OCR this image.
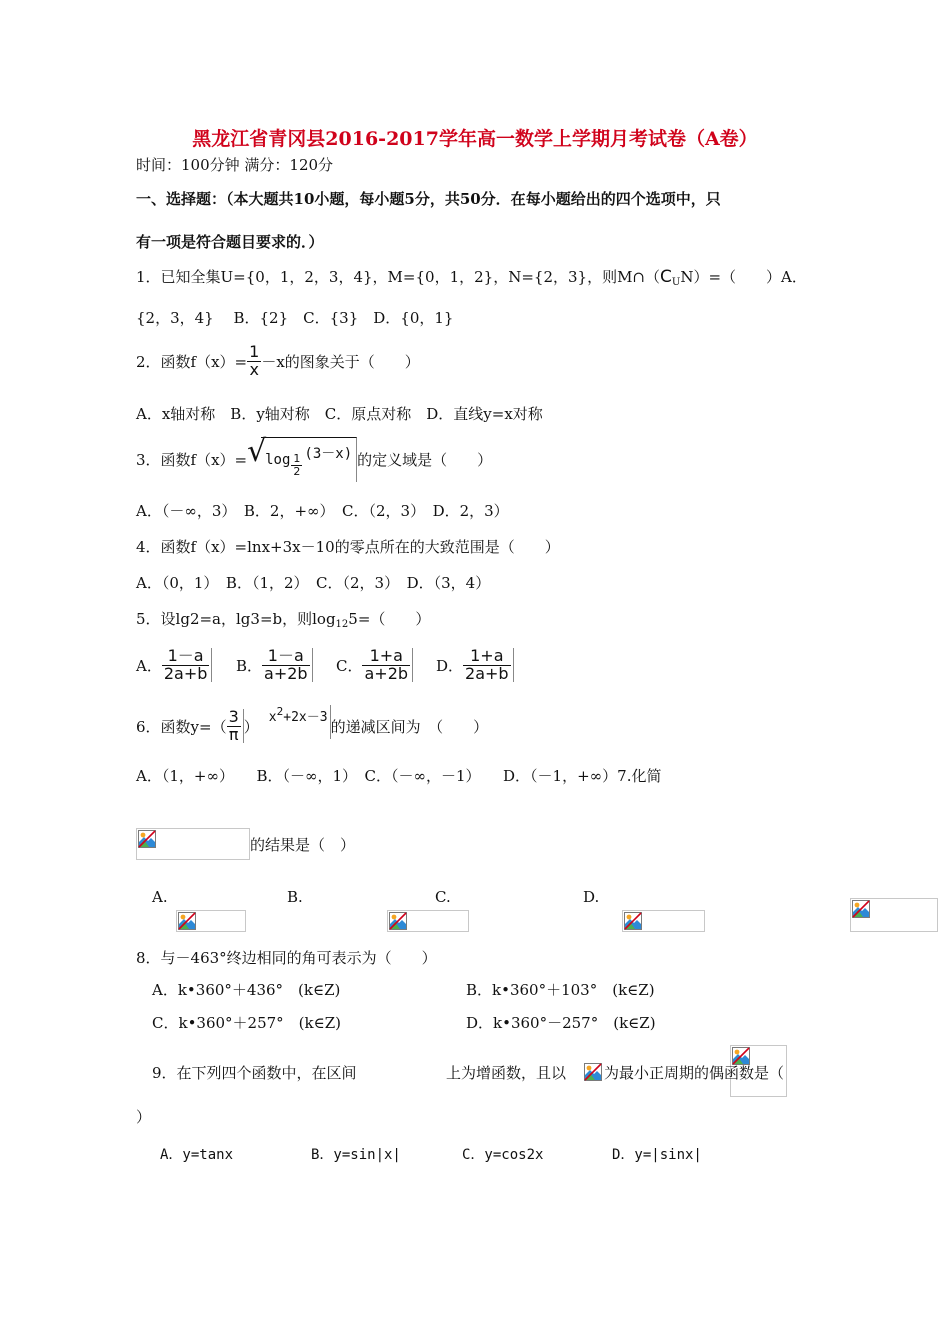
黑龙江省青冈县2016-2017学年高一数学上学期月考试卷（A卷）
时间：100分钟 满分：120分
一、选择题：（本大题共10小题，每小题5分，共50分．在每小题给出的四个选项中，只
有一项是符合题目要求的．）
1．已知全集U={0，1，2，3，4}，M={0，1，2}，N={2，3}，则$M\cap(C_UN)=$（　　）A．
{2，3，4}　 B．{2}　C．{3}　D．{0，1}
2．函数$f(x)= \frac{1}{x} -x$的图象关于（　　）
A．x轴对称　B．y轴对称　C．原点对称　D．直线y=x对称
3．函数f（x）= √
$\log \frac{1}{2} (3-x)$ 的定义域是（　　）
A．（－∞，3）　B．2，+∞）　C．（2，3）　D．2，3）
4．函数f（x）=lnx+3x－10的零点所在的大致范围是（　　）
A．（0，1）　B．（1，2）　C．（2，3）　D．（3，4）
5．设lg2=a，lg3=b，则$\log_{12}5=$（　　）
A． $\frac{1-a}{2a+b}$ B． $\frac{1-a}{a+2b}$ C． $\frac{1+a}{a+2b}$ D． $\frac{1+a}{2a+b}$
6．函数$y=( \frac{3}{\pi}$ ） $x^2+2x-3$ 的递减区间为　（　　）
A．（1，+∞）　　B．（－∞，1）　C．（－∞，－1）　　D．（－1，+∞）7.化简
的结果是（　）
A.
	B.
	C.
	D.

8．与－463°终边相同的角可表示为（　　）
A．k•360°＋436°　(k∈Z)	B．k•360°＋103°　(k∈Z)
C．k•360°＋257°　(k∈Z)	D．k•360°－257°　(k∈Z)
9．在下列四个函数中，在区间	上为增函数，且以	为最小正周期的偶函数是（
）
A．y=tanx	B．y=sin|x|	C．y=cos2x	D．y=|sinx|
